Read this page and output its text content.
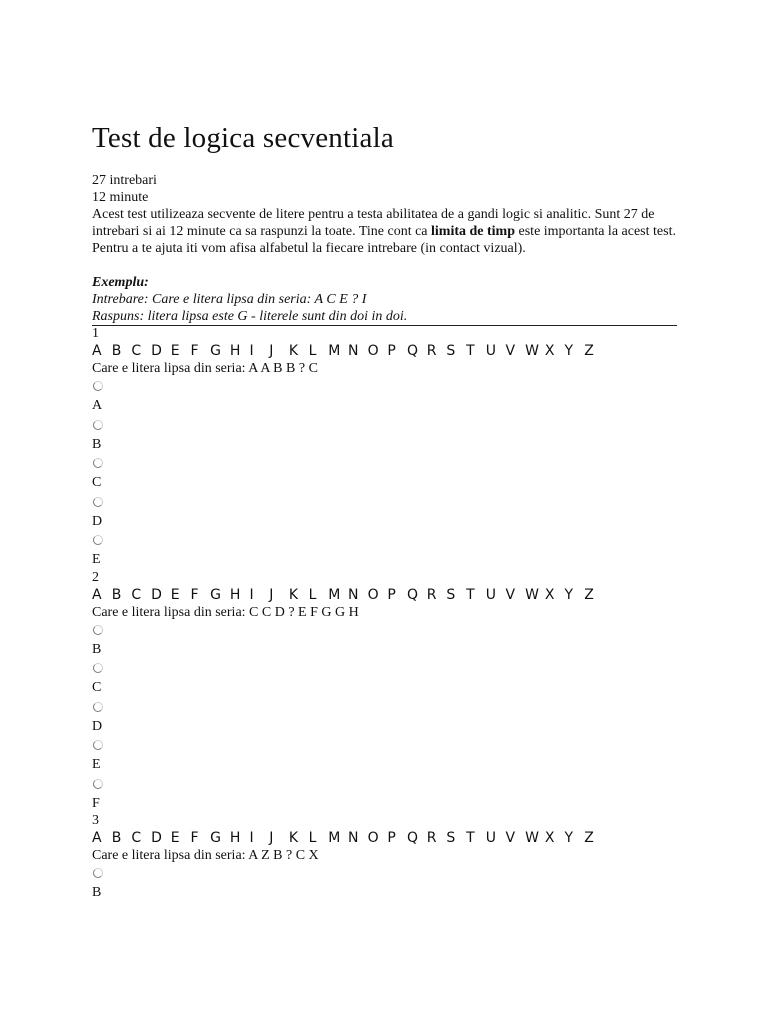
Test de logica secventiala

27 intrebari

12 minute

Acest test utilizeaza secvente de litere pentru a testa abilitatea de a gandi logic si analitic. Sunt 27 de intrebari si ai 12 minute ca sa raspunzi la toate. Tine cont ca limita de timp este importanta la acest test.

Pentru a te ajuta iti vom afisa alfabetul la fiecare intrebare (in contact vizual).

Exemplu:

Intrebare: Care e litera lipsa din seria: A C E ? I

Raspuns: litera lipsa este G - literele sunt din doi in doi.

1
A B C D E F G H I	J	K L M N O P Q R S T U V W X Y Z
Care e litera lipsa din seria: A A B B ? C
A
B
C
D
E
2
A B C D E F G H I	J	K L M N O P Q R S T U V W X Y Z
Care e litera lipsa din seria: C C D ? E F G G H
B
C
D
E
F
3
A B C D E F G H I	J	K L M N O P Q R S T U V W X Y Z
Care e litera lipsa din seria: A Z B ? C X
B
